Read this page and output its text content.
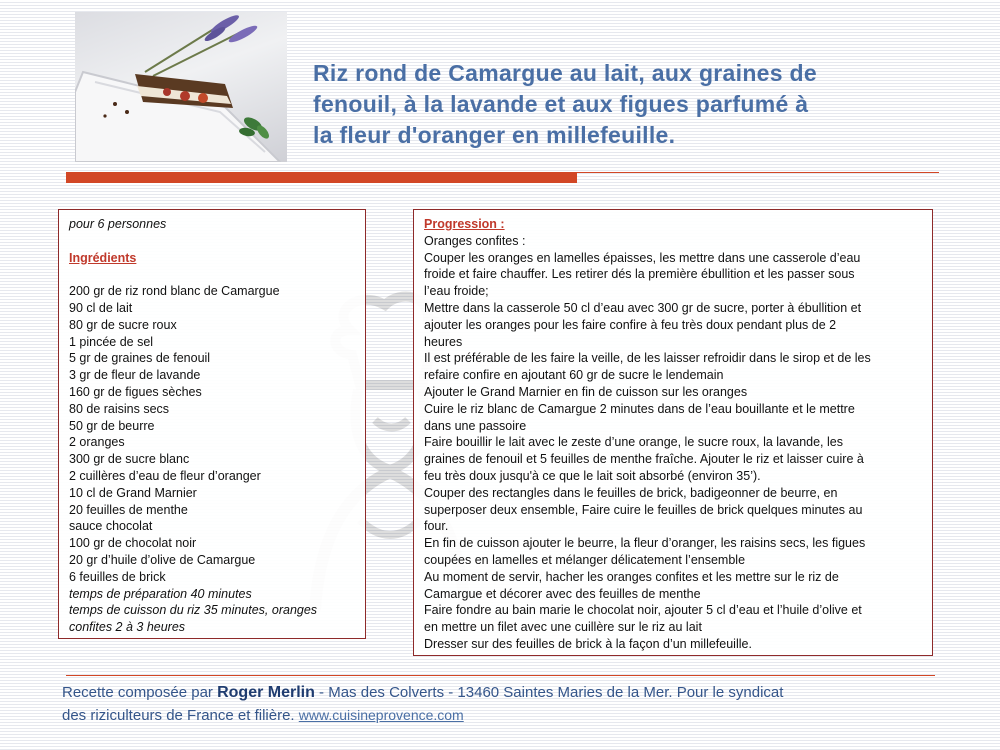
Riz rond de Camargue au lait, aux graines de
fenouil, à la lavande et aux figues parfumé à
la fleur d'oranger en millefeuille.
pour 6 personnes
Ingrédients
200 gr de riz rond blanc de Camargue
90 cl de lait
80 gr de sucre roux
1 pincée de sel
5 gr de graines de fenouil
3 gr de fleur de lavande
160 gr de figues sèches
80 de raisins secs
50 gr de beurre
2 oranges
300 gr de sucre blanc
2 cuillères d’eau de fleur d’oranger
10 cl de Grand Marnier
20 feuilles de menthe
sauce chocolat
100 gr de chocolat noir
20 gr d’huile d’olive de Camargue
6 feuilles de brick
temps de préparation 40 minutes
temps de cuisson du riz 35 minutes, oranges
confites 2 à 3 heures
Progression :
Oranges confites :
Couper les oranges en lamelles épaisses, les mettre dans une casserole d’eau
froide et faire chauffer. Les retirer dés la première ébullition et les passer sous
l’eau froide;
Mettre dans la casserole 50 cl d’eau avec 300 gr de sucre, porter à ébullition et
ajouter les oranges pour les faire confire à feu très doux pendant plus de 2
heures
Il est préférable de les faire la veille, de les laisser refroidir dans le sirop et de les
refaire confire en ajoutant 60 gr de sucre le lendemain
Ajouter le Grand Marnier en fin de cuisson sur les oranges
Cuire le riz blanc de Camargue 2 minutes dans de l’eau bouillante et le mettre
dans une passoire
Faire bouillir le lait avec le zeste d’une orange, le sucre roux, la lavande, les
graines de fenouil et 5 feuilles de menthe fraîche. Ajouter le riz et laisser cuire à
feu très doux jusqu'à ce que le lait soit absorbé (environ 35’).
Couper des rectangles dans le feuilles de brick, badigeonner de beurre, en
superposer deux ensemble, Faire cuire le feuilles de brick quelques minutes au
four.
En fin de cuisson ajouter le beurre, la fleur d’oranger, les raisins secs, les figues
coupées en lamelles et mélanger délicatement l’ensemble
Au moment de servir, hacher les oranges confites et les mettre sur le riz de
Camargue et décorer avec des feuilles de menthe
Faire fondre au bain marie le chocolat noir, ajouter 5 cl d’eau et l’huile d’olive et
en mettre un filet avec une cuillère sur le riz au lait
Dresser sur des feuilles de brick à la façon d’un millefeuille.
Recette composée par Roger Merlin - Mas des Colverts - 13460 Saintes Maries de la Mer. Pour le syndicat
des riziculteurs de France et filière. www.cuisineprovence.com
